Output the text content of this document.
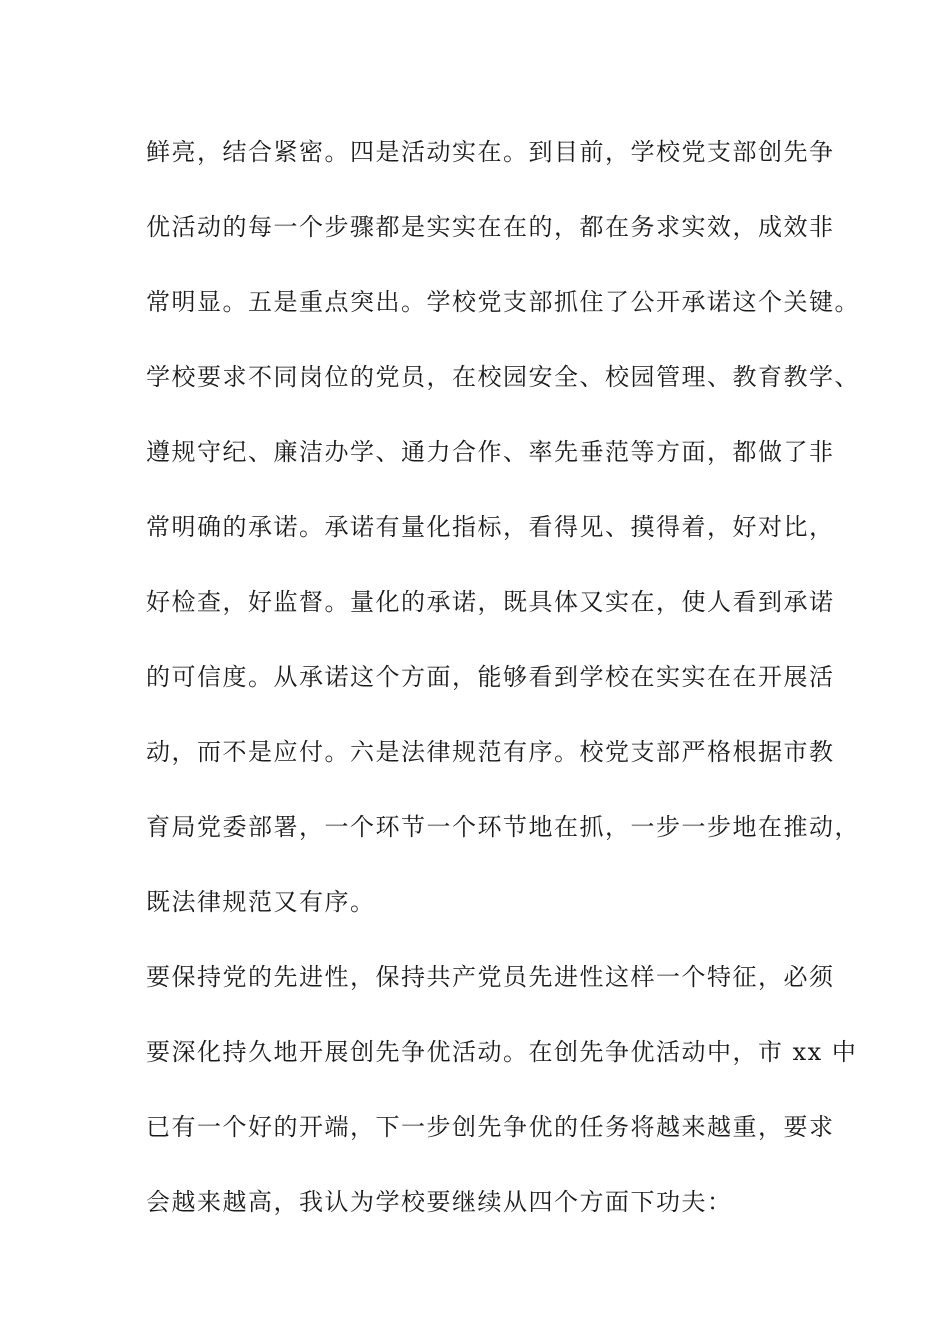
鲜亮，结合紧密。四是活动实在。到目前，学校党支部创先争
优活动的每一个步骤都是实实在在的，都在务求实效，成效非
常明显。五是重点突出。学校党支部抓住了公开承诺这个关键。
学校要求不同岗位的党员，在校园安全、校园管理、教育教学、
遵规守纪、廉洁办学、通力合作、率先垂范等方面，都做了非
常明确的承诺。承诺有量化指标，看得见、摸得着，好对比，
好检查，好监督。量化的承诺，既具体又实在，使人看到承诺
的可信度。从承诺这个方面，能够看到学校在实实在在开展活
动，而不是应付。六是法律规范有序。校党支部严格根据市教
育局党委部署，一个环节一个环节地在抓，一步一步地在推动，
既法律规范又有序。
要保持党的先进性，保持共产党员先进性这样一个特征，必须
要深化持久地开展创先争优活动。在创先争优活动中，市 xx 中
已有一个好的开端，下一步创先争优的任务将越来越重，要求
会越来越高，我认为学校要继续从四个方面下功夫：
